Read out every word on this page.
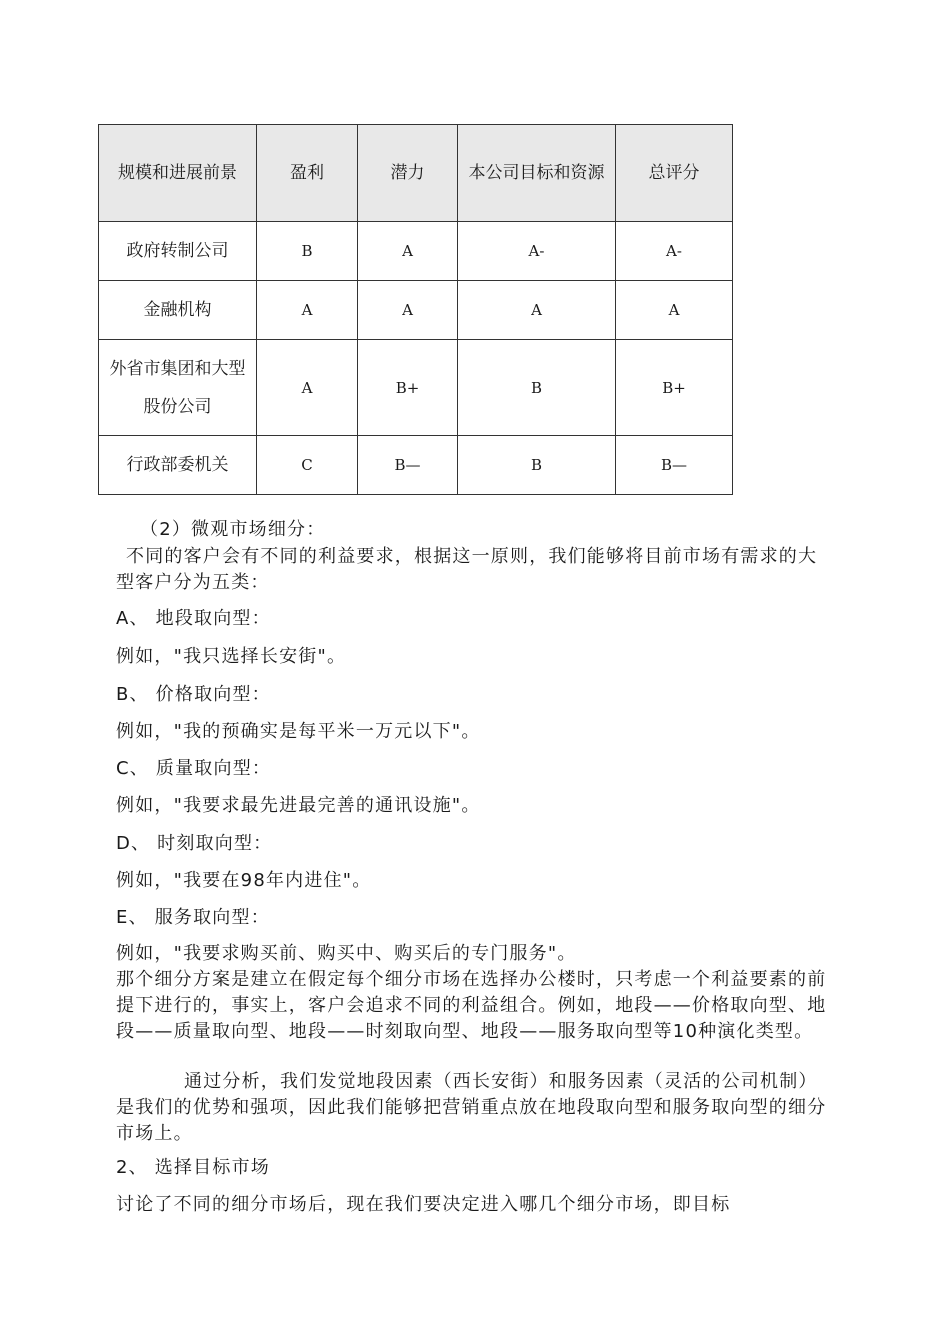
规模和进展前景	盈利	潜力	本公司目标和资源	总评分
政府转制公司	B	A	A-	A-
金融机构	A	A	A	A
外省市集团和大型股份公司	A	B+	B	B+
行政部委机关	C	B—	B	B—
（2）微观市场细分：
不同的客户会有不同的利益要求，根据这一原则，我们能够将目前市场有需求的大型客户分为五类：
A、 地段取向型：
例如，"我只选择长安街"。
B、 价格取向型：
例如，"我的预确实是每平米一万元以下"。
C、 质量取向型：
例如，"我要求最先进最完善的通讯设施"。
D、 时刻取向型：
例如，"我要在98年内进住"。
E、 服务取向型：
例如，"我要求购买前、购买中、购买后的专门服务"。
那个细分方案是建立在假定每个细分市场在选择办公楼时，只考虑一个利益要素的前提下进行的，事实上，客户会追求不同的利益组合。例如，地段——价格取向型、地段——质量取向型、地段——时刻取向型、地段——服务取向型等10种演化类型。
通过分析，我们发觉地段因素（西长安街）和服务因素（灵活的公司机制）是我们的优势和强项，因此我们能够把营销重点放在地段取向型和服务取向型的细分市场上。
2、 选择目标市场
讨论了不同的细分市场后，现在我们要决定进入哪几个细分市场，即目标
